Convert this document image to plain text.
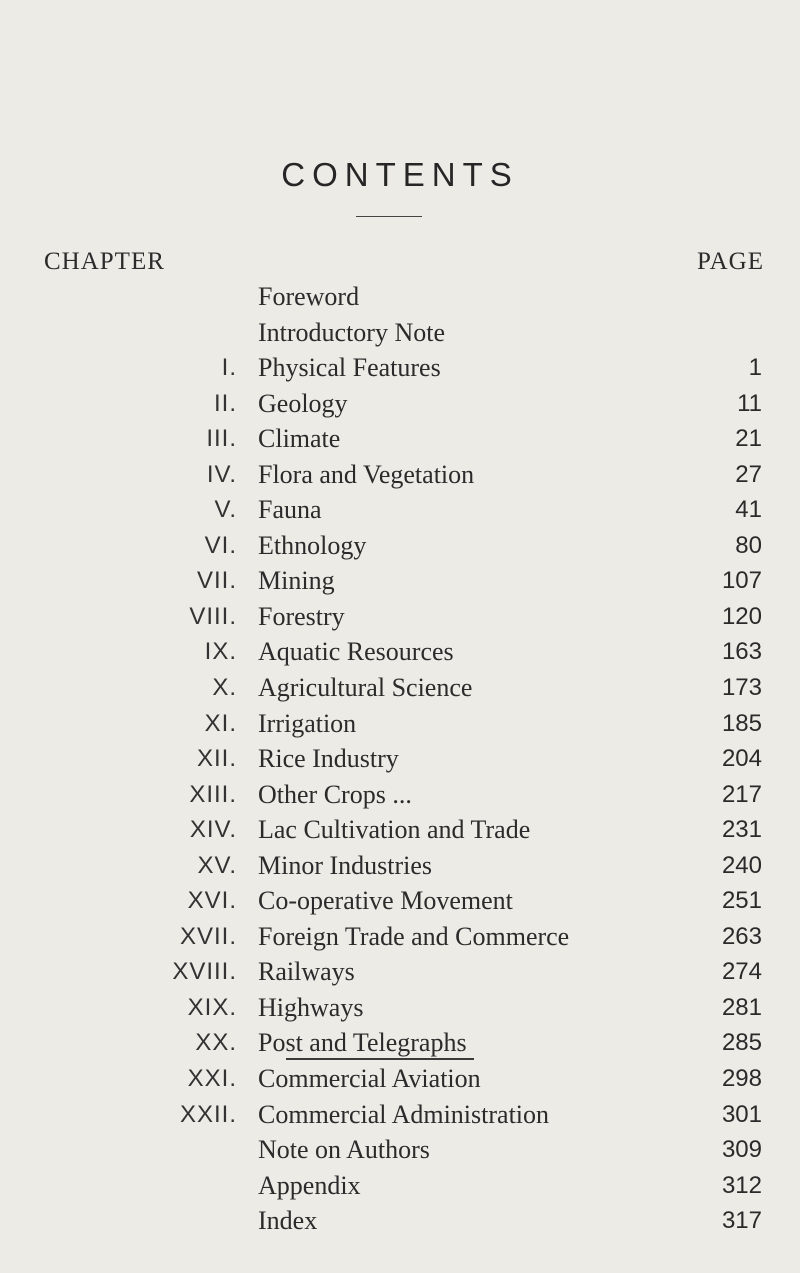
CONTENTS
CHAPTER	PAGE
Foreword
Introductory Note
I. Physical Features	1
II. Geology	11
III. Climate	21
IV. Flora and Vegetation	27
V. Fauna	41
VI. Ethnology	80
VII. Mining	107
VIII. Forestry	120
IX. Aquatic Resources	163
X. Agricultural Science	173
XI. Irrigation	185
XII. Rice Industry	204
XIII. Other Crops ...	217
XIV. Lac Cultivation and Trade	231
XV. Minor Industries	240
XVI. Co-operative Movement	251
XVII. Foreign Trade and Commerce	263
XVIII. Railways	274
XIX. Highways	281
XX. Post and Telegraphs	285
XXI. Commercial Aviation	298
XXII. Commercial Administration	301
Note on Authors	309
Appendix	312
Index	317
